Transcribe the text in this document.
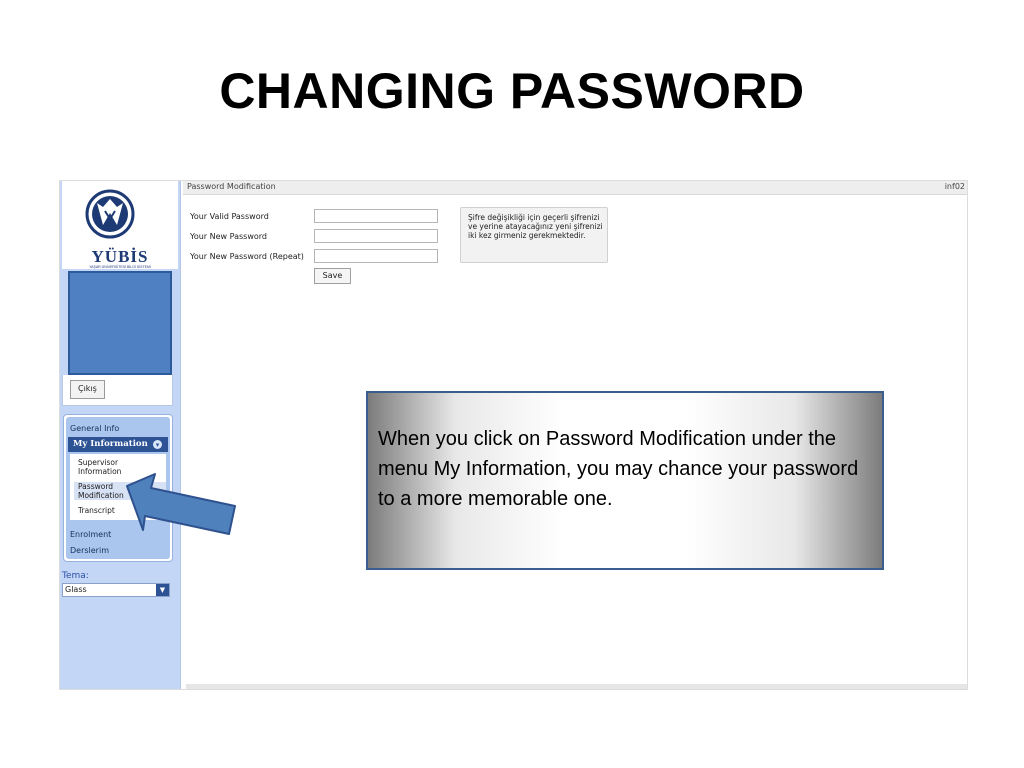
CHANGING PASSWORD
YÜBİS
YAŞAR ÜNİVERSİTESİ BİLGİ SİSTEMİ
Çıkış
General Info
My Information	▾
Supervisor
Information
Password
Modification
Transcript
Enrolment
Derslerim
Tema:
Glass	▼
Password Modification	inf02
Your Valid Password
Your New Password
Your New Password (Repeat)
Save
Şifre değişikliği için geçerli şifrenizi ve yerine atayacağınız yeni şifrenizi iki kez girmeniz gerekmektedir.
When you click on Password Modification under the menu My Information, you may chance your password to a more memorable one.
